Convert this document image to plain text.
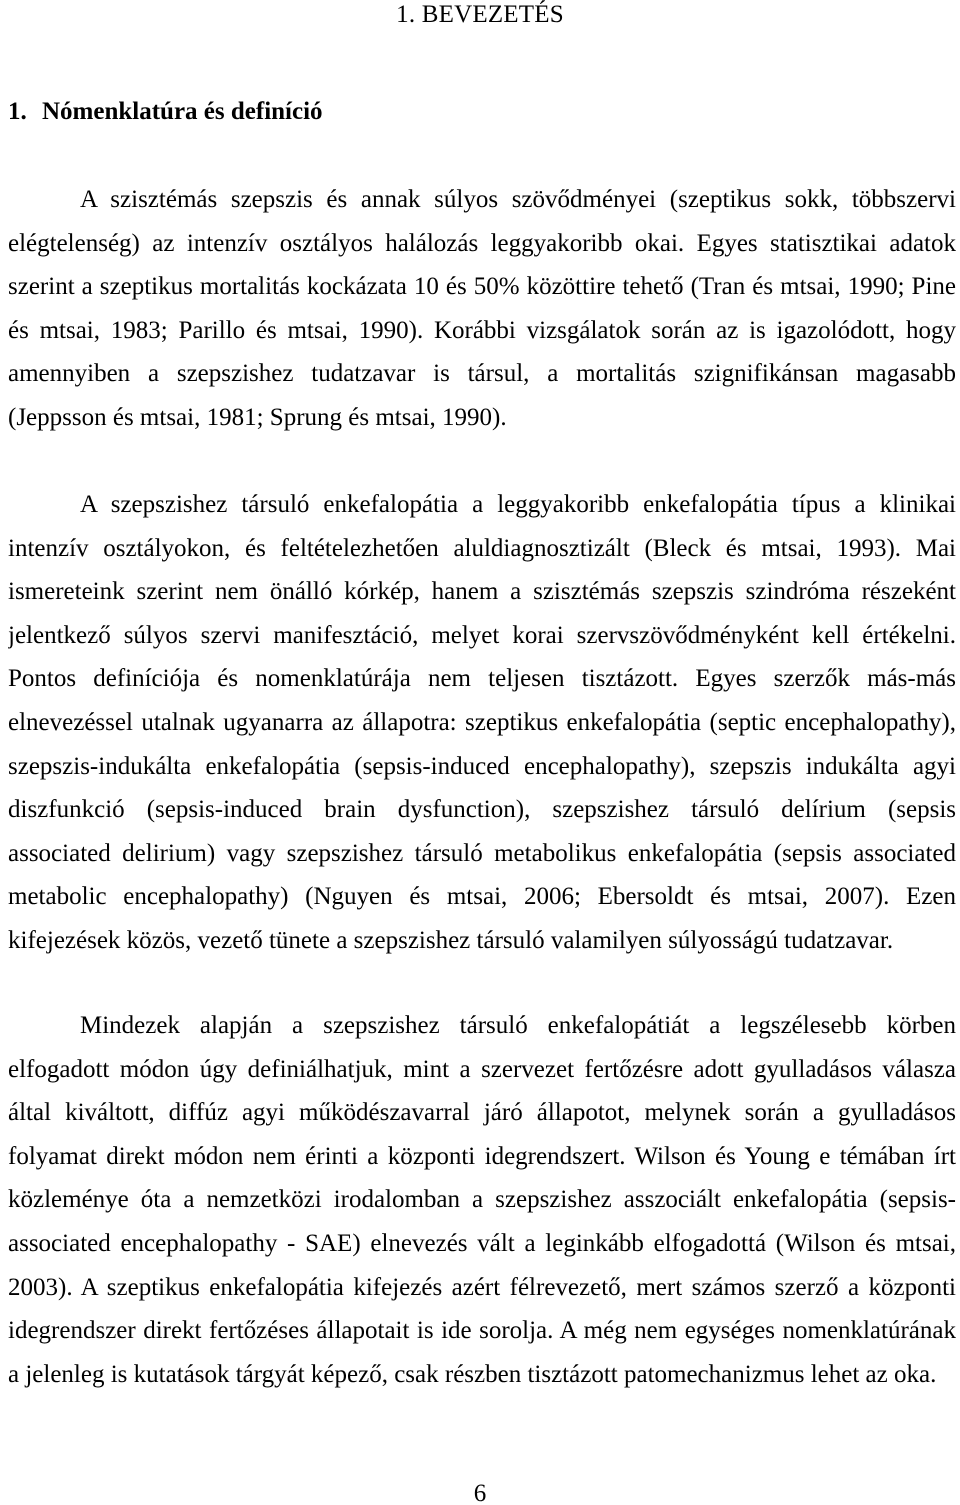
1. BEVEZETÉS
1. Nómenklatúra és definíció
A szisztémás szepszis és annak súlyos szövődményei (szeptikus sokk, többszervi
elégtelenség) az intenzív osztályos halálozás leggyakoribb okai. Egyes statisztikai adatok
szerint a szeptikus mortalitás kockázata 10 és 50% közöttire tehető (Tran és mtsai, 1990; Pine
és mtsai, 1983; Parillo és mtsai, 1990). Korábbi vizsgálatok során az is igazolódott, hogy
amennyiben a szepszishez tudatzavar is társul, a mortalitás szignifikánsan magasabb
(Jeppsson és mtsai, 1981; Sprung és mtsai, 1990).
A szepszishez társuló enkefalopátia a leggyakoribb enkefalopátia típus a klinikai
intenzív osztályokon, és feltételezhetően aluldiagnosztizált (Bleck és mtsai, 1993). Mai
ismereteink szerint nem önálló kórkép, hanem a szisztémás szepszis szindróma részeként
jelentkező súlyos szervi manifesztáció, melyet korai szervszövődményként kell értékelni.
Pontos definíciója és nomenklatúrája nem teljesen tisztázott. Egyes szerzők más-más
elnevezéssel utalnak ugyanarra az állapotra: szeptikus enkefalopátia (septic encephalopathy),
szepszis-indukálta enkefalopátia (sepsis-induced encephalopathy), szepszis indukálta agyi
diszfunkció (sepsis-induced brain dysfunction), szepszishez társuló delírium (sepsis
associated delirium) vagy szepszishez társuló metabolikus enkefalopátia (sepsis associated
metabolic encephalopathy) (Nguyen és mtsai, 2006; Ebersoldt és mtsai, 2007). Ezen
kifejezések közös, vezető tünete a szepszishez társuló valamilyen súlyosságú tudatzavar.
Mindezek alapján a szepszishez társuló enkefalopátiát a legszélesebb körben
elfogadott módon úgy definiálhatjuk, mint a szervezet fertőzésre adott gyulladásos válasza
által kiváltott, diffúz agyi működészavarral járó állapotot, melynek során a gyulladásos
folyamat direkt módon nem érinti a központi idegrendszert. Wilson és Young e témában írt
közleménye óta a nemzetközi irodalomban a szepszishez asszociált enkefalopátia (sepsis-
associated encephalopathy - SAE) elnevezés vált a leginkább elfogadottá (Wilson és mtsai,
2003). A szeptikus enkefalopátia kifejezés azért félrevezető, mert számos szerző a központi
idegrendszer direkt fertőzéses állapotait is ide sorolja. A még nem egységes nomenklatúrának
a jelenleg is kutatások tárgyát képező, csak részben tisztázott patomechanizmus lehet az oka.
6
